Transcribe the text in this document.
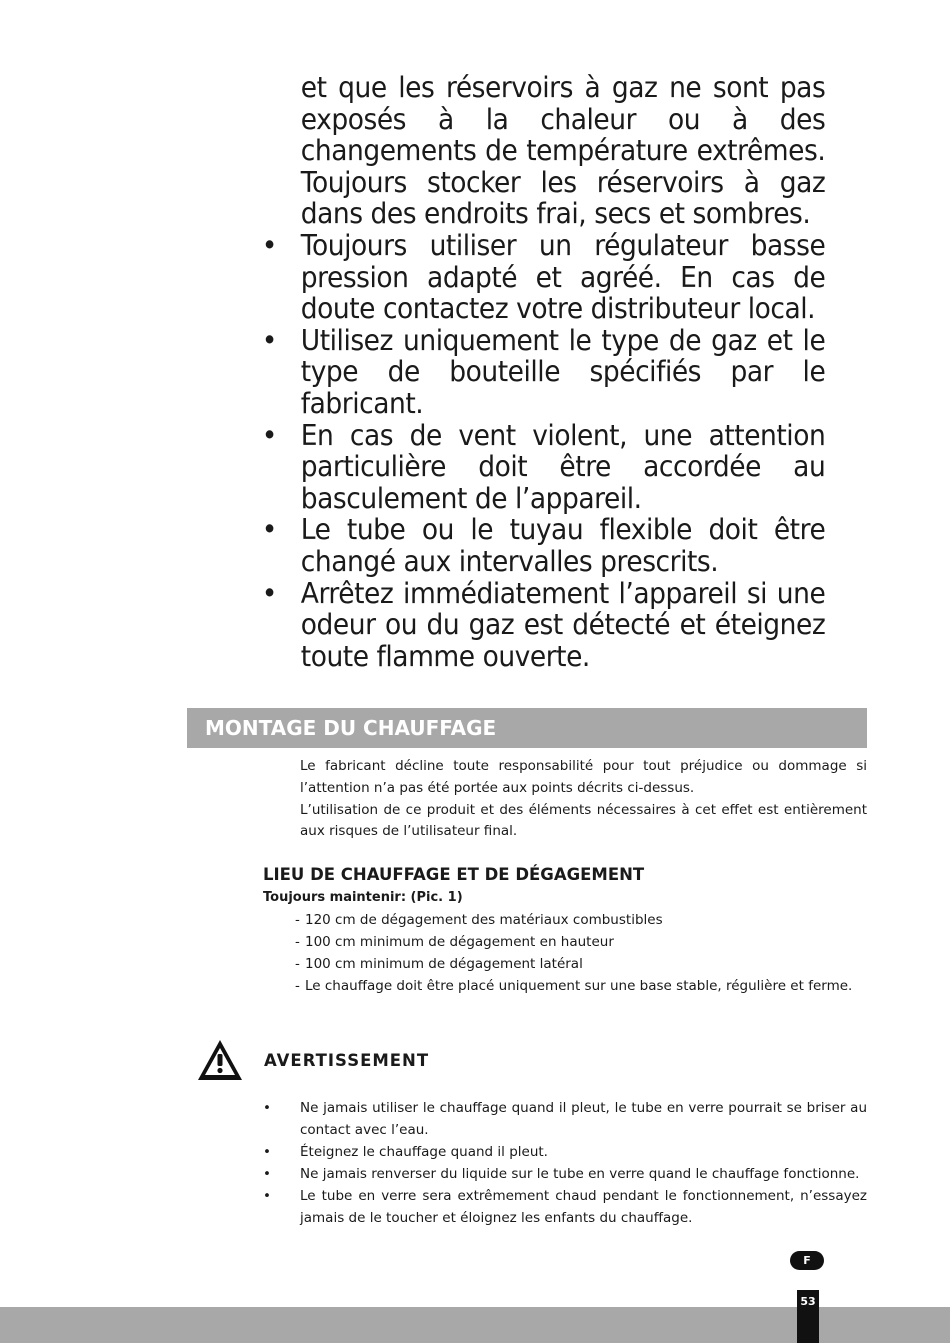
et que les réservoirs à gaz ne sont pas exposés à la chaleur ou à des changements de température extrêmes. Toujours stocker les réservoirs à gaz dans des endroits frai, secs et sombres.
• Toujours utiliser un régulateur basse pression adapté et agréé. En cas de doute contactez votre distributeur local.
• Utilisez uniquement le type de gaz et le type de bouteille spécifiés par le fabricant.
• En cas de vent violent, une attention particulière doit être accordée au basculement de l’appareil.
• Le tube ou le tuyau flexible doit être changé aux intervalles prescrits.
• Arrêtez immédiatement l’appareil si une odeur ou du gaz est détecté et éteignez toute flamme ouverte.
MONTAGE DU CHAUFFAGE

Le fabricant décline toute responsabilité pour tout préjudice ou dommage si l’attention n’a pas été portée aux points décrits ci-dessus.

L’utilisation de ce produit et des éléments nécessaires à cet effet est entièrement aux risques de l’utilisateur final.

LIEU DE CHAUFFAGE ET DE DÉGAGEMENT
Toujours maintenir: (Pic. 1)
- 120 cm de dégagement des matériaux combustibles
- 100 cm minimum de dégagement en hauteur
- 100 cm minimum de dégagement latéral
- Le chauffage doit être placé uniquement sur une base stable, régulière et ferme.
AVERTISSEMENT
• Ne jamais utiliser le chauffage quand il pleut, le tube en verre pourrait se briser au contact avec l’eau.
• Éteignez le chauffage quand il pleut.
• Ne jamais renverser du liquide sur le tube en verre quand le chauffage fonctionne.
• Le tube en verre sera extrêmement chaud pendant le fonctionnement, n’essayez jamais de le toucher et éloignez les enfants du chauffage.
F
53
